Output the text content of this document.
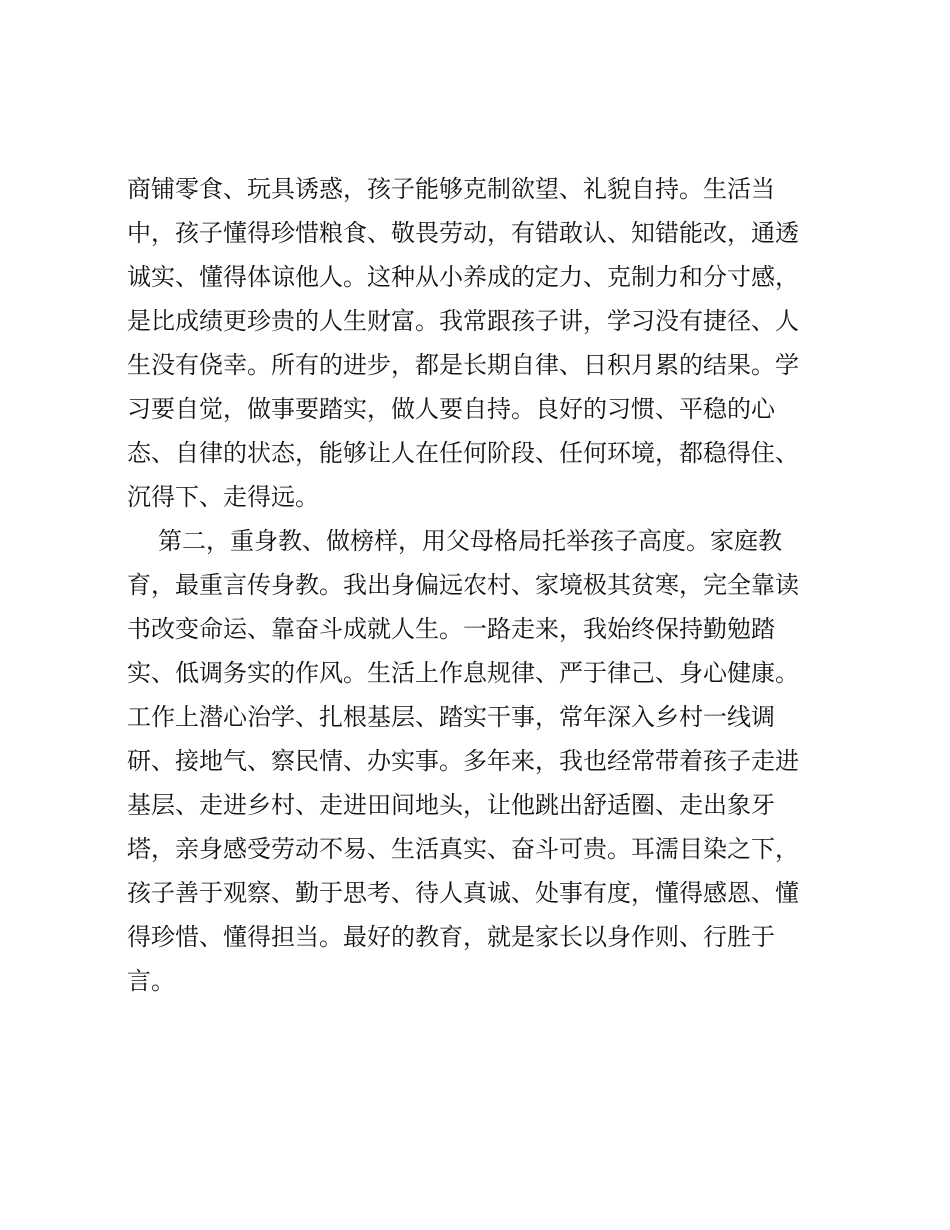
商铺零食、玩具诱惑，孩子能够克制欲望、礼貌自持。生活当
中，孩子懂得珍惜粮食、敬畏劳动，有错敢认、知错能改，通透
诚实、懂得体谅他人。这种从小养成的定力、克制力和分寸感，
是比成绩更珍贵的人生财富。我常跟孩子讲，学习没有捷径、人
生没有侥幸。所有的进步，都是长期自律、日积月累的结果。学
习要自觉，做事要踏实，做人要自持。良好的习惯、平稳的心
态、自律的状态，能够让人在任何阶段、任何环境，都稳得住、
沉得下、走得远。
第二，重身教、做榜样，用父母格局托举孩子高度。家庭教
育，最重言传身教。我出身偏远农村、家境极其贫寒，完全靠读
书改变命运、靠奋斗成就人生。一路走来，我始终保持勤勉踏
实、低调务实的作风。生活上作息规律、严于律己、身心健康。
工作上潜心治学、扎根基层、踏实干事，常年深入乡村一线调
研、接地气、察民情、办实事。多年来，我也经常带着孩子走进
基层、走进乡村、走进田间地头，让他跳出舒适圈、走出象牙
塔，亲身感受劳动不易、生活真实、奋斗可贵。耳濡目染之下，
孩子善于观察、勤于思考、待人真诚、处事有度，懂得感恩、懂
得珍惜、懂得担当。最好的教育，就是家长以身作则、行胜于
言。
